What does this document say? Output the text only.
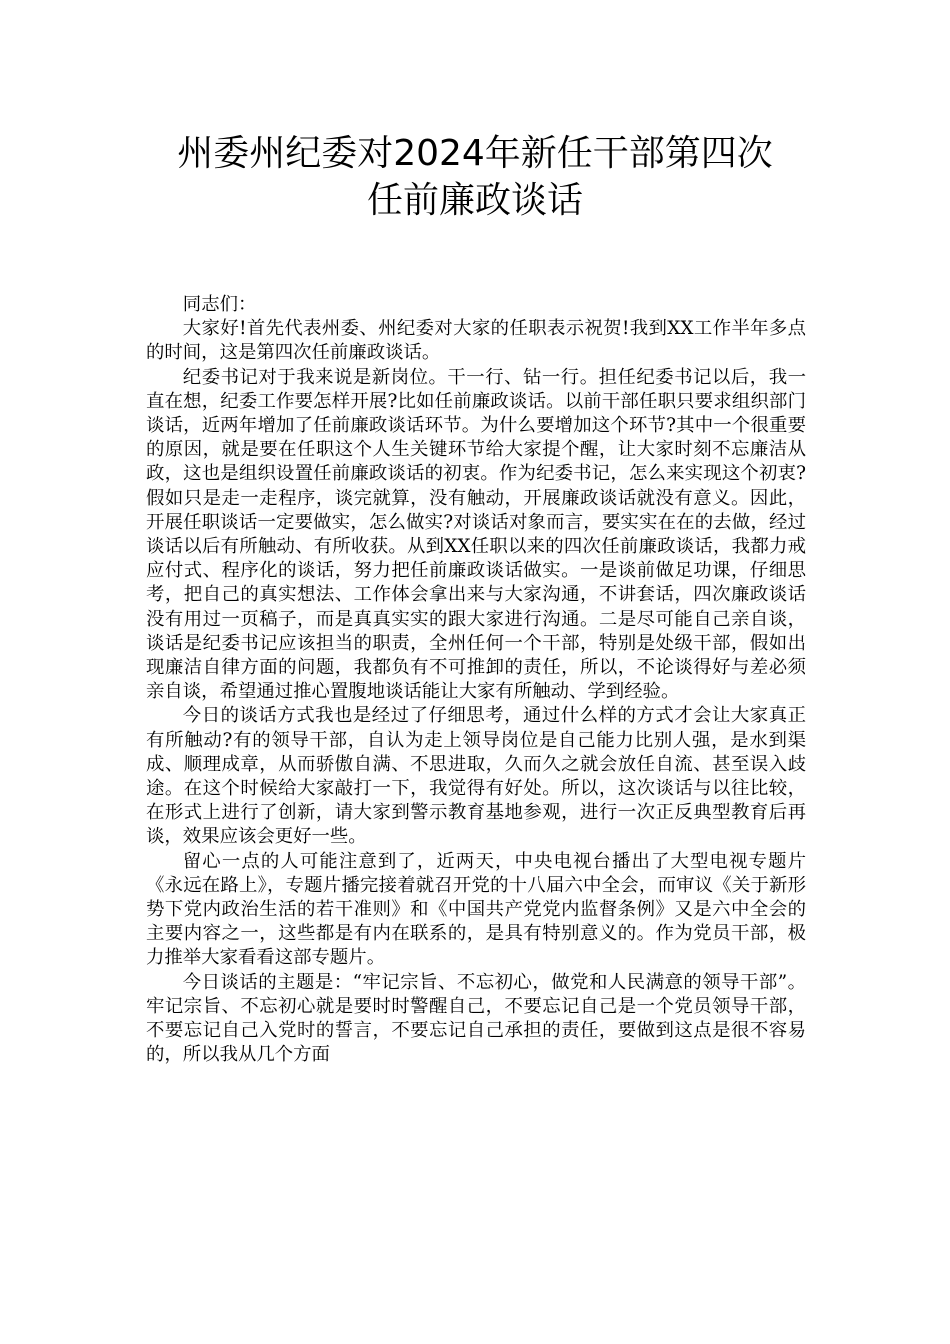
州委州纪委对2024年新任干部第四次
任前廉政谈话

同志们：

大家好!首先代表州委、州纪委对大家的任职表示祝贺!我到XX工作半年多点的时间，这是第四次任前廉政谈话。

纪委书记对于我来说是新岗位。干一行、钻一行。担任纪委书记以后，我一直在想，纪委工作要怎样开展?比如任前廉政谈话。以前干部任职只要求组织部门谈话，近两年增加了任前廉政谈话环节。为什么要增加这个环节?其中一个很重要的原因，就是要在任职这个人生关键环节给大家提个醒，让大家时刻不忘廉洁从政，这也是组织设置任前廉政谈话的初衷。作为纪委书记，怎么来实现这个初衷?假如只是走一走程序，谈完就算，没有触动，开展廉政谈话就没有意义。因此，开展任职谈话一定要做实，怎么做实?对谈话对象而言，要实实在在的去做，经过谈话以后有所触动、有所收获。从到XX任职以来的四次任前廉政谈话，我都力戒应付式、程序化的谈话，努力把任前廉政谈话做实。一是谈前做足功课，仔细思考，把自己的真实想法、工作体会拿出来与大家沟通，不讲套话，四次廉政谈话没有用过一页稿子，而是真真实实的跟大家进行沟通。二是尽可能自己亲自谈，谈话是纪委书记应该担当的职责，全州任何一个干部，特别是处级干部，假如出现廉洁自律方面的问题，我都负有不可推卸的责任，所以，不论谈得好与差必须亲自谈，希望通过推心置腹地谈话能让大家有所触动、学到经验。

今日的谈话方式我也是经过了仔细思考，通过什么样的方式才会让大家真正有所触动?有的领导干部，自认为走上领导岗位是自己能力比别人强，是水到渠成、顺理成章，从而骄傲自满、不思进取，久而久之就会放任自流、甚至误入歧途。在这个时候给大家敲打一下，我觉得有好处。所以，这次谈话与以往比较，在形式上进行了创新，请大家到警示教育基地参观，进行一次正反典型教育后再谈，效果应该会更好一些。

留心一点的人可能注意到了，近两天，中央电视台播出了大型电视专题片《永远在路上》，专题片播完接着就召开党的十八届六中全会，而审议《关于新形势下党内政治生活的若干准则》和《中国共产党党内监督条例》又是六中全会的主要内容之一，这些都是有内在联系的，是具有特别意义的。作为党员干部，极力推举大家看看这部专题片。

今日谈话的主题是：“牢记宗旨、不忘初心，做党和人民满意的领导干部”。牢记宗旨、不忘初心就是要时时警醒自己，不要忘记自己是一个党员领导干部，不要忘记自己入党时的誓言，不要忘记自己承担的责任，要做到这点是很不容易的，所以我从几个方面
